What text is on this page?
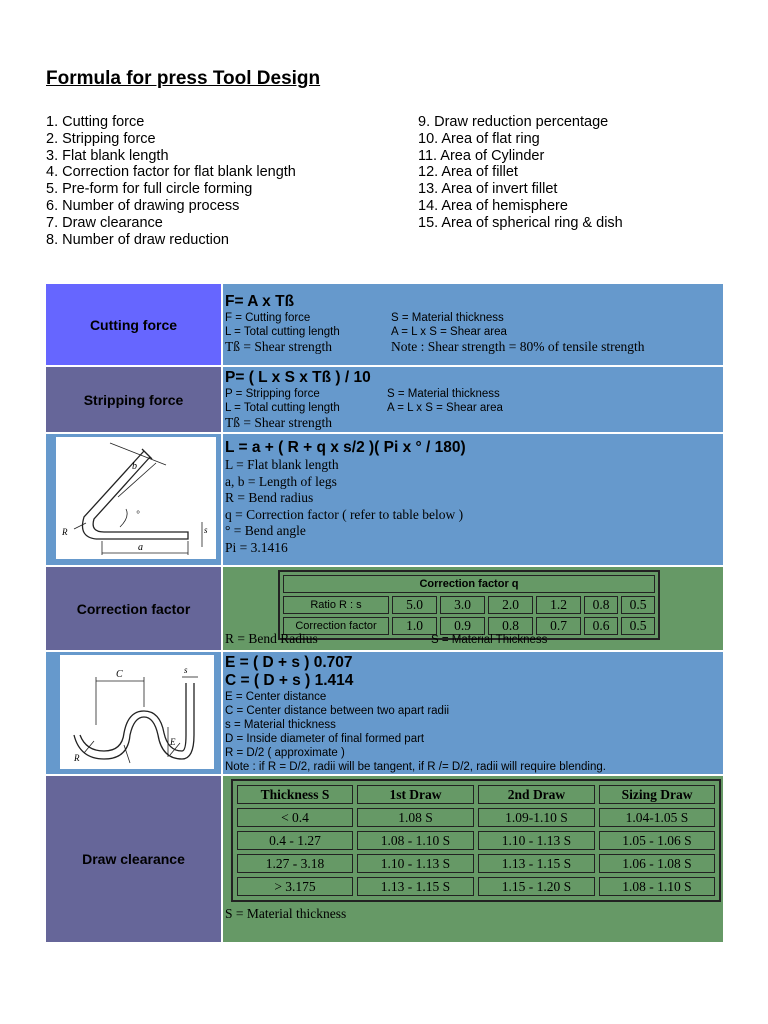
Formula for press Tool Design
1. Cutting force
2. Stripping force
3. Flat blank length
4. Correction factor for flat blank length
5. Pre-form for full circle forming
6. Number of drawing process
7. Draw clearance
8. Number of draw reduction
9. Draw reduction percentage
10. Area of flat ring
11. Area of Cylinder
12. Area of fillet
13. Area of invert fillet
14. Area of hemisphere
15. Area of spherical ring & dish
Cutting force
F= A x Tß
F = Cutting force	S = Material thickness
L = Total cutting length	A = L x S = Shear area
Tß = Shear strength	Note : Shear strength = 80% of tensile strength
Stripping force
P= ( L x S x Tß ) / 10
P = Stripping force	S = Material thickness
L = Total cutting length	A = L x S = Shear area
Tß = Shear strength
a
b
R	s
°
L = a + ( R + q x s/2 )( Pi x ° / 180)
L = Flat blank length
a, b = Length of legs
R = Bend radius
q = Correction factor ( refer to table below )
° = Bend angle
Pi = 3.1416
Correction factor
Correction factor q						
Ratio R : s	5.0	3.0	2.0	1.2	0.8	0.5
Correction factor	1.0	0.9	0.8	0.7	0.6	0.5
R = Bend Radius	S = Material Thickness
C	s
E
R
E = ( D + s ) 0.707
C = ( D + s ) 1.414
E = Center distance
C = Center distance between two apart radii
s = Material thickness
D = Inside diameter of final formed part
R = D/2 ( approximate )
Note : if R = D/2, radii will be tangent, if R /= D/2, radii will require blending.
Draw clearance
Thickness S	1st Draw	2nd Draw	Sizing Draw
< 0.4	1.08 S	1.09-1.10 S	1.04-1.05 S
0.4 - 1.27	1.08 - 1.10 S	1.10 - 1.13 S	1.05 - 1.06 S
1.27 - 3.18	1.10 - 1.13 S	1.13 - 1.15 S	1.06 - 1.08 S
> 3.175	1.13 - 1.15 S	1.15 - 1.20 S	1.08 - 1.10 S
S = Material thickness
